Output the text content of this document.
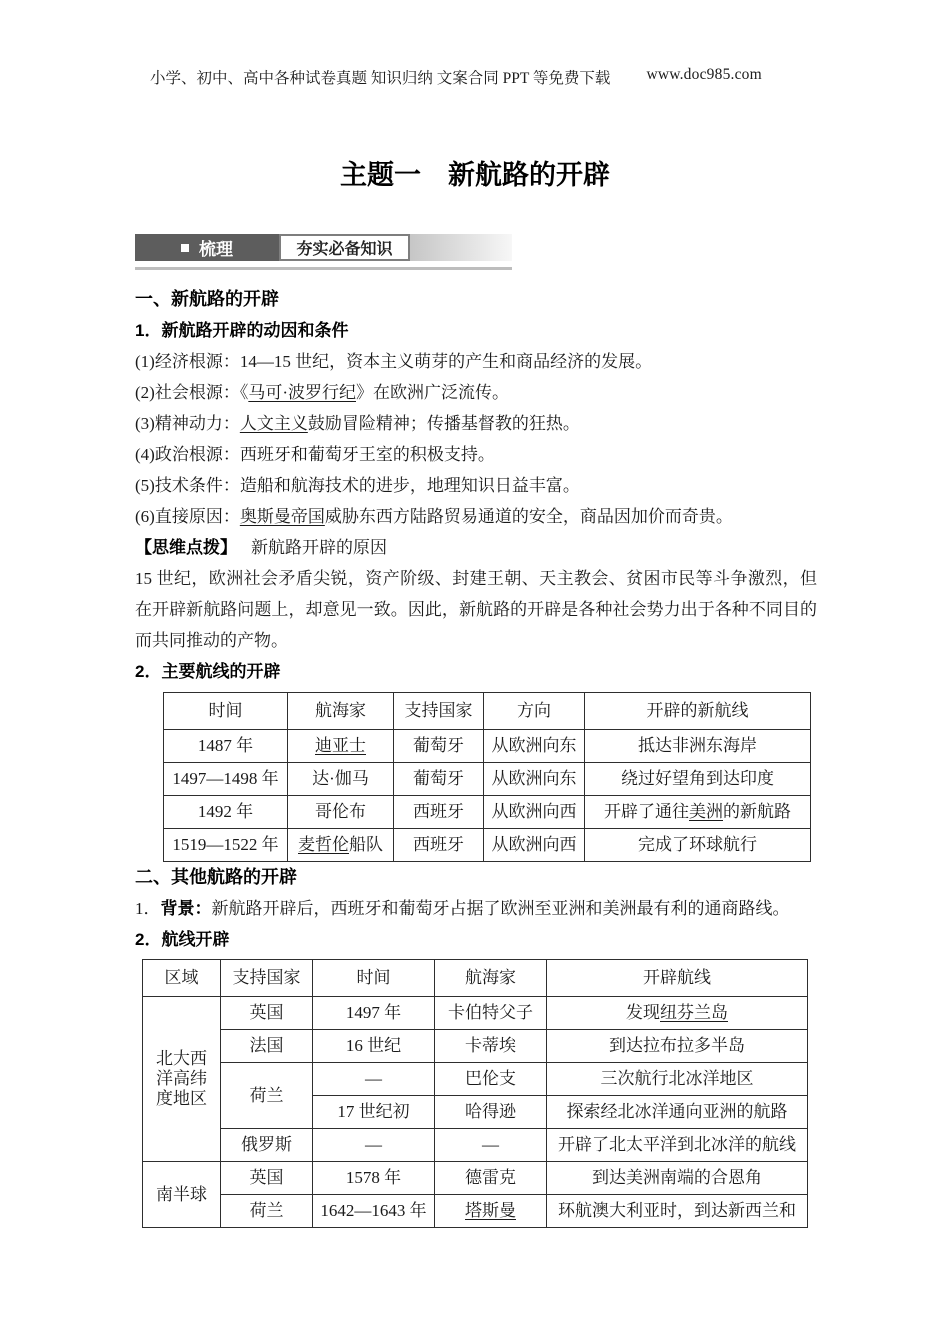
小学、初中、高中各种试卷真题 知识归纳 文案合同 PPT 等免费下载 www.doc985.com
主题一　新航路的开辟
梳理	夯实必备知识
一、新航路的开辟
1．新航路开辟的动因和条件

(1)经济根源：14—15 世纪，资本主义萌芽的产生和商品经济的发展。

(2)社会根源：《马可·波罗行纪》在欧洲广泛流传。

(3)精神动力：人文主义鼓励冒险精神；传播基督教的狂热。

(4)政治根源：西班牙和葡萄牙王室的积极支持。

(5)技术条件：造船和航海技术的进步，地理知识日益丰富。

(6)直接原因：奥斯曼帝国威胁东西方陆路贸易通道的安全，商品因加价而奇贵。

【思维点拨】 新航路开辟的原因

15 世纪，欧洲社会矛盾尖锐，资产阶级、封建王朝、天主教会、贫困市民等斗争激烈，但在开辟新航路问题上，却意见一致。因此，新航路的开辟是各种社会势力出于各种不同目的而共同推动的产物。

2．主要航线的开辟
时间	航海家	支持国家	方向	开辟的新航线
1487 年	迪亚士	葡萄牙	从欧洲向东	抵达非洲东海岸
1497—1498 年	达·伽马	葡萄牙	从欧洲向东	绕过好望角到达印度
1492 年	哥伦布	西班牙	从欧洲向西	开辟了通往美洲的新航路
1519—1522 年	麦哲伦船队	西班牙	从欧洲向西	完成了环球航行
二、其他航路的开辟

1．背景：新航路开辟后，西班牙和葡萄牙占据了欧洲至亚洲和美洲最有利的通商路线。

2．航线开辟
区域	支持国家	时间	航海家	开辟航线
北大西洋高纬度地区	英国	1497 年	卡伯特父子	发现纽芬兰岛
	法国	16 世纪	卡蒂埃	到达拉布拉多半岛
	荷兰	—	巴伦支	三次航行北冰洋地区
		17 世纪初	哈得逊	探索经北冰洋通向亚洲的航路
	俄罗斯	—	—	开辟了北太平洋到北冰洋的航线
南半球	英国	1578 年	德雷克	到达美洲南端的合恩角
	荷兰	1642—1643 年	塔斯曼	环航澳大利亚时，到达新西兰和
